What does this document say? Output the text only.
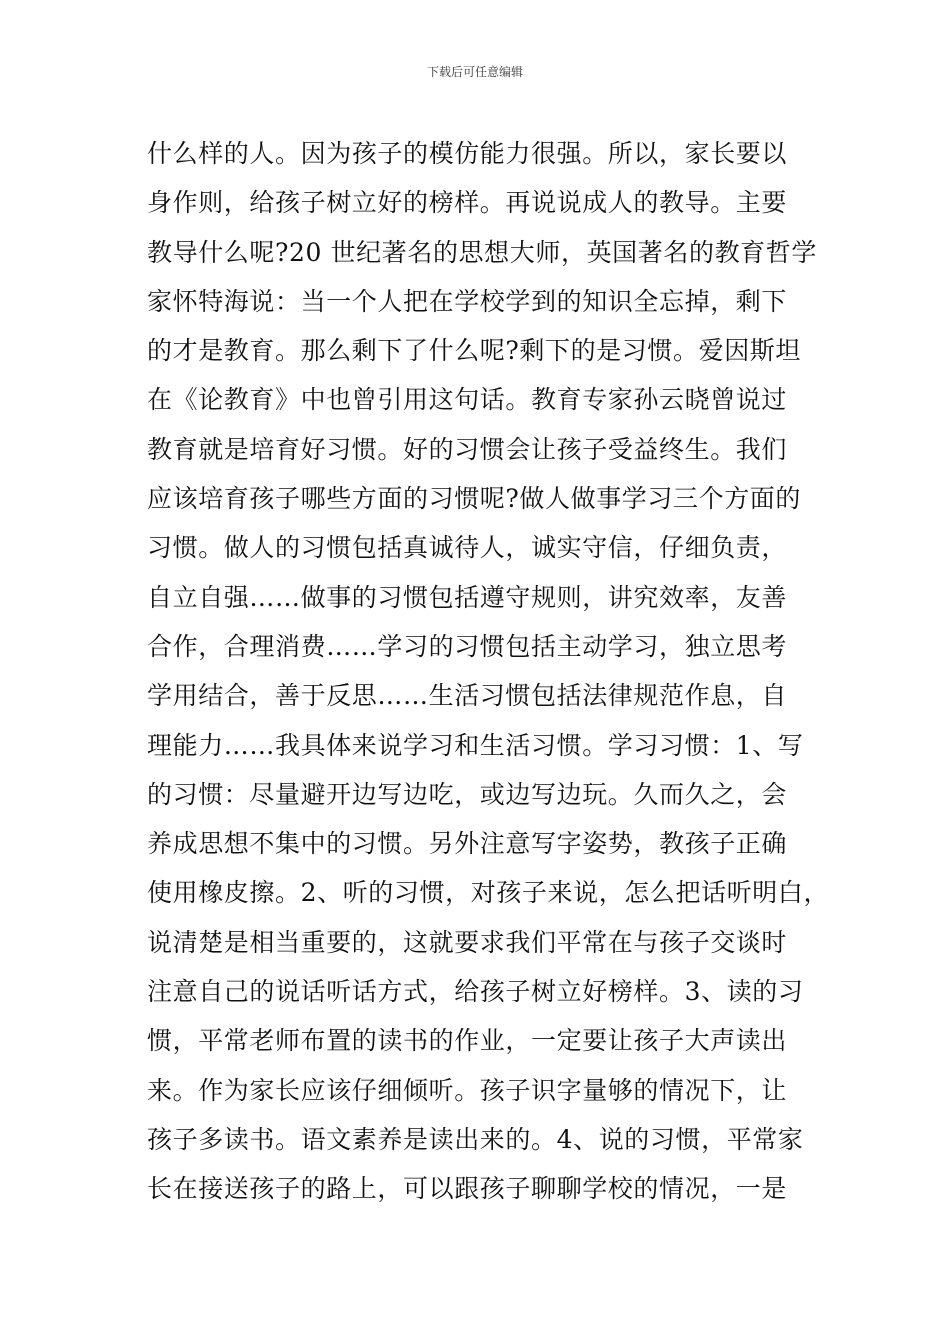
下载后可任意编辑
什么样的人。因为孩子的模仿能力很强。所以，家长要以
身作则，给孩子树立好的榜样。再说说成人的教导。主要
教导什么呢?20 世纪著名的思想大师，英国著名的教育哲学
家怀特海说：当一个人把在学校学到的知识全忘掉，剩下
的才是教育。那么剩下了什么呢?剩下的是习惯。爱因斯坦
在《论教育》中也曾引用这句话。教育专家孙云晓曾说过
教育就是培育好习惯。好的习惯会让孩子受益终生。我们
应该培育孩子哪些方面的习惯呢?做人做事学习三个方面的
习惯。做人的习惯包括真诚待人，诚实守信，仔细负责，
自立自强……做事的习惯包括遵守规则，讲究效率，友善
合作，合理消费……学习的习惯包括主动学习，独立思考
学用结合，善于反思……生活习惯包括法律规范作息，自
理能力……我具体来说学习和生活习惯。学习习惯：1、写
的习惯：尽量避开边写边吃，或边写边玩。久而久之，会
养成思想不集中的习惯。另外注意写字姿势，教孩子正确
使用橡皮擦。2、听的习惯，对孩子来说，怎么把话听明白，
说清楚是相当重要的，这就要求我们平常在与孩子交谈时
注意自己的说话听话方式，给孩子树立好榜样。3、读的习
惯，平常老师布置的读书的作业，一定要让孩子大声读出
来。作为家长应该仔细倾听。孩子识字量够的情况下，让
孩子多读书。语文素养是读出来的。4、说的习惯，平常家
长在接送孩子的路上，可以跟孩子聊聊学校的情况，一是
